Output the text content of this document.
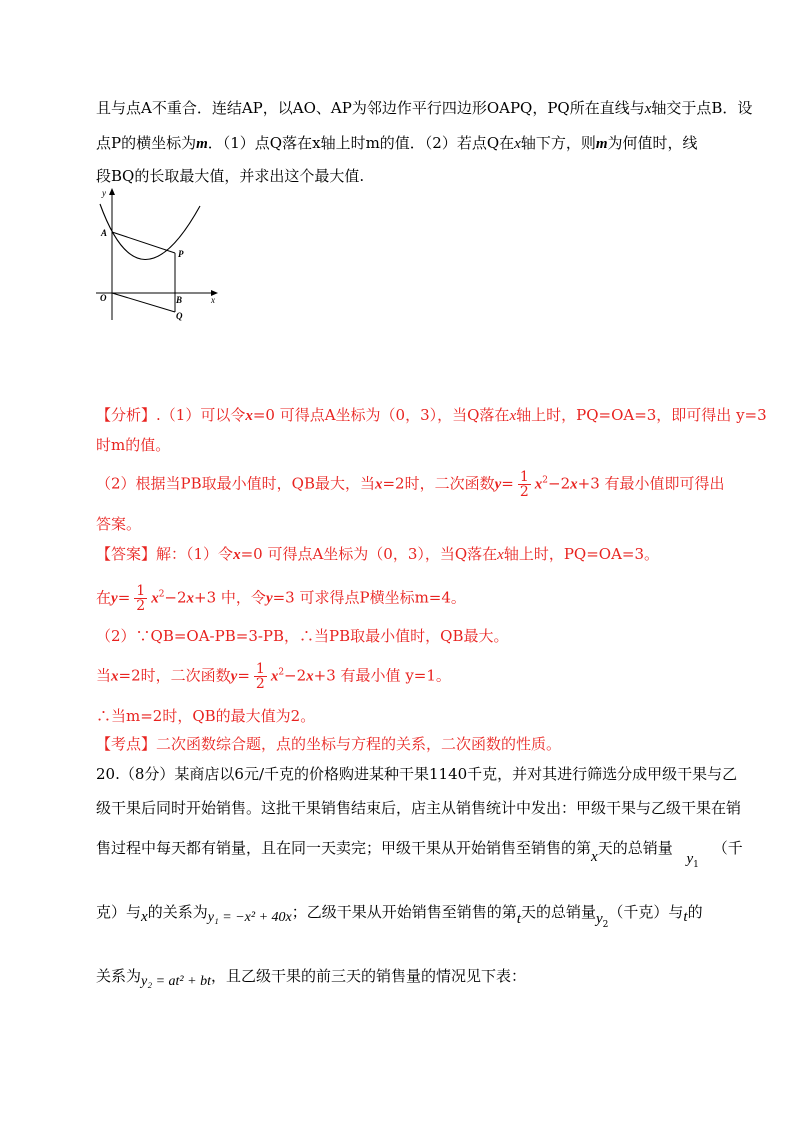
且与点A不重合．连结AP，以AO、AP为邻边作平行四边形OAPQ，PQ所在直线与x轴交于点B．设
点P的横坐标为m．（1）点Q落在x轴上时m的值．（2）若点Q在x轴下方，则m为何值时，线
段BQ的长取最大值，并求出这个最大值.
y
x
A
P
O	B
Q
【分析】.（1）可以令x=0 可得点A坐标为（0，3），当Q落在x轴上时，PQ=OA=3，即可得出 y=3
时m的值。
（2）根据当PB取最小值时，QB最大，当x=2时，二次函数$y= \frac{1}{2} x^2-2x+3$ 有最小值即可得出
答案。
【答案】解：（1）令x=0 可得点A坐标为（0，3），当Q落在x轴上时，PQ=OA=3。
在$y= \frac{1}{2} x^2-2x+3$ 中，令y=3 可求得点P横坐标m=4。
（2）∵QB=OA-PB=3-PB，∴当PB取最小值时，QB最大。
当x=2时，二次函数$y= \frac{1}{2} x^2-2x+3$ 有最小值 y=1。
∴当m=2时，QB的最大值为2。
【考点】二次函数综合题，点的坐标与方程的关系，二次函数的性质。
20.（8分）某商店以6元/千克的价格购进某种干果1140千克，并对其进行筛选分成甲级干果与乙
级干果后同时开始销售。这批干果销售结束后，店主从销售统计中发出：甲级干果与乙级干果在销
售过程中每天都有销量，且在同一天卖完；甲级干果从开始销售至销售的第x天的总销量$y_1$（千
克）与x的关系为y₁ = −x² + 40x；乙级干果从开始销售至销售的第t天的总销量$y_2$（千克）与t的
关系为y₂ = at² + bt，且乙级干果的前三天的销售量的情况见下表：
